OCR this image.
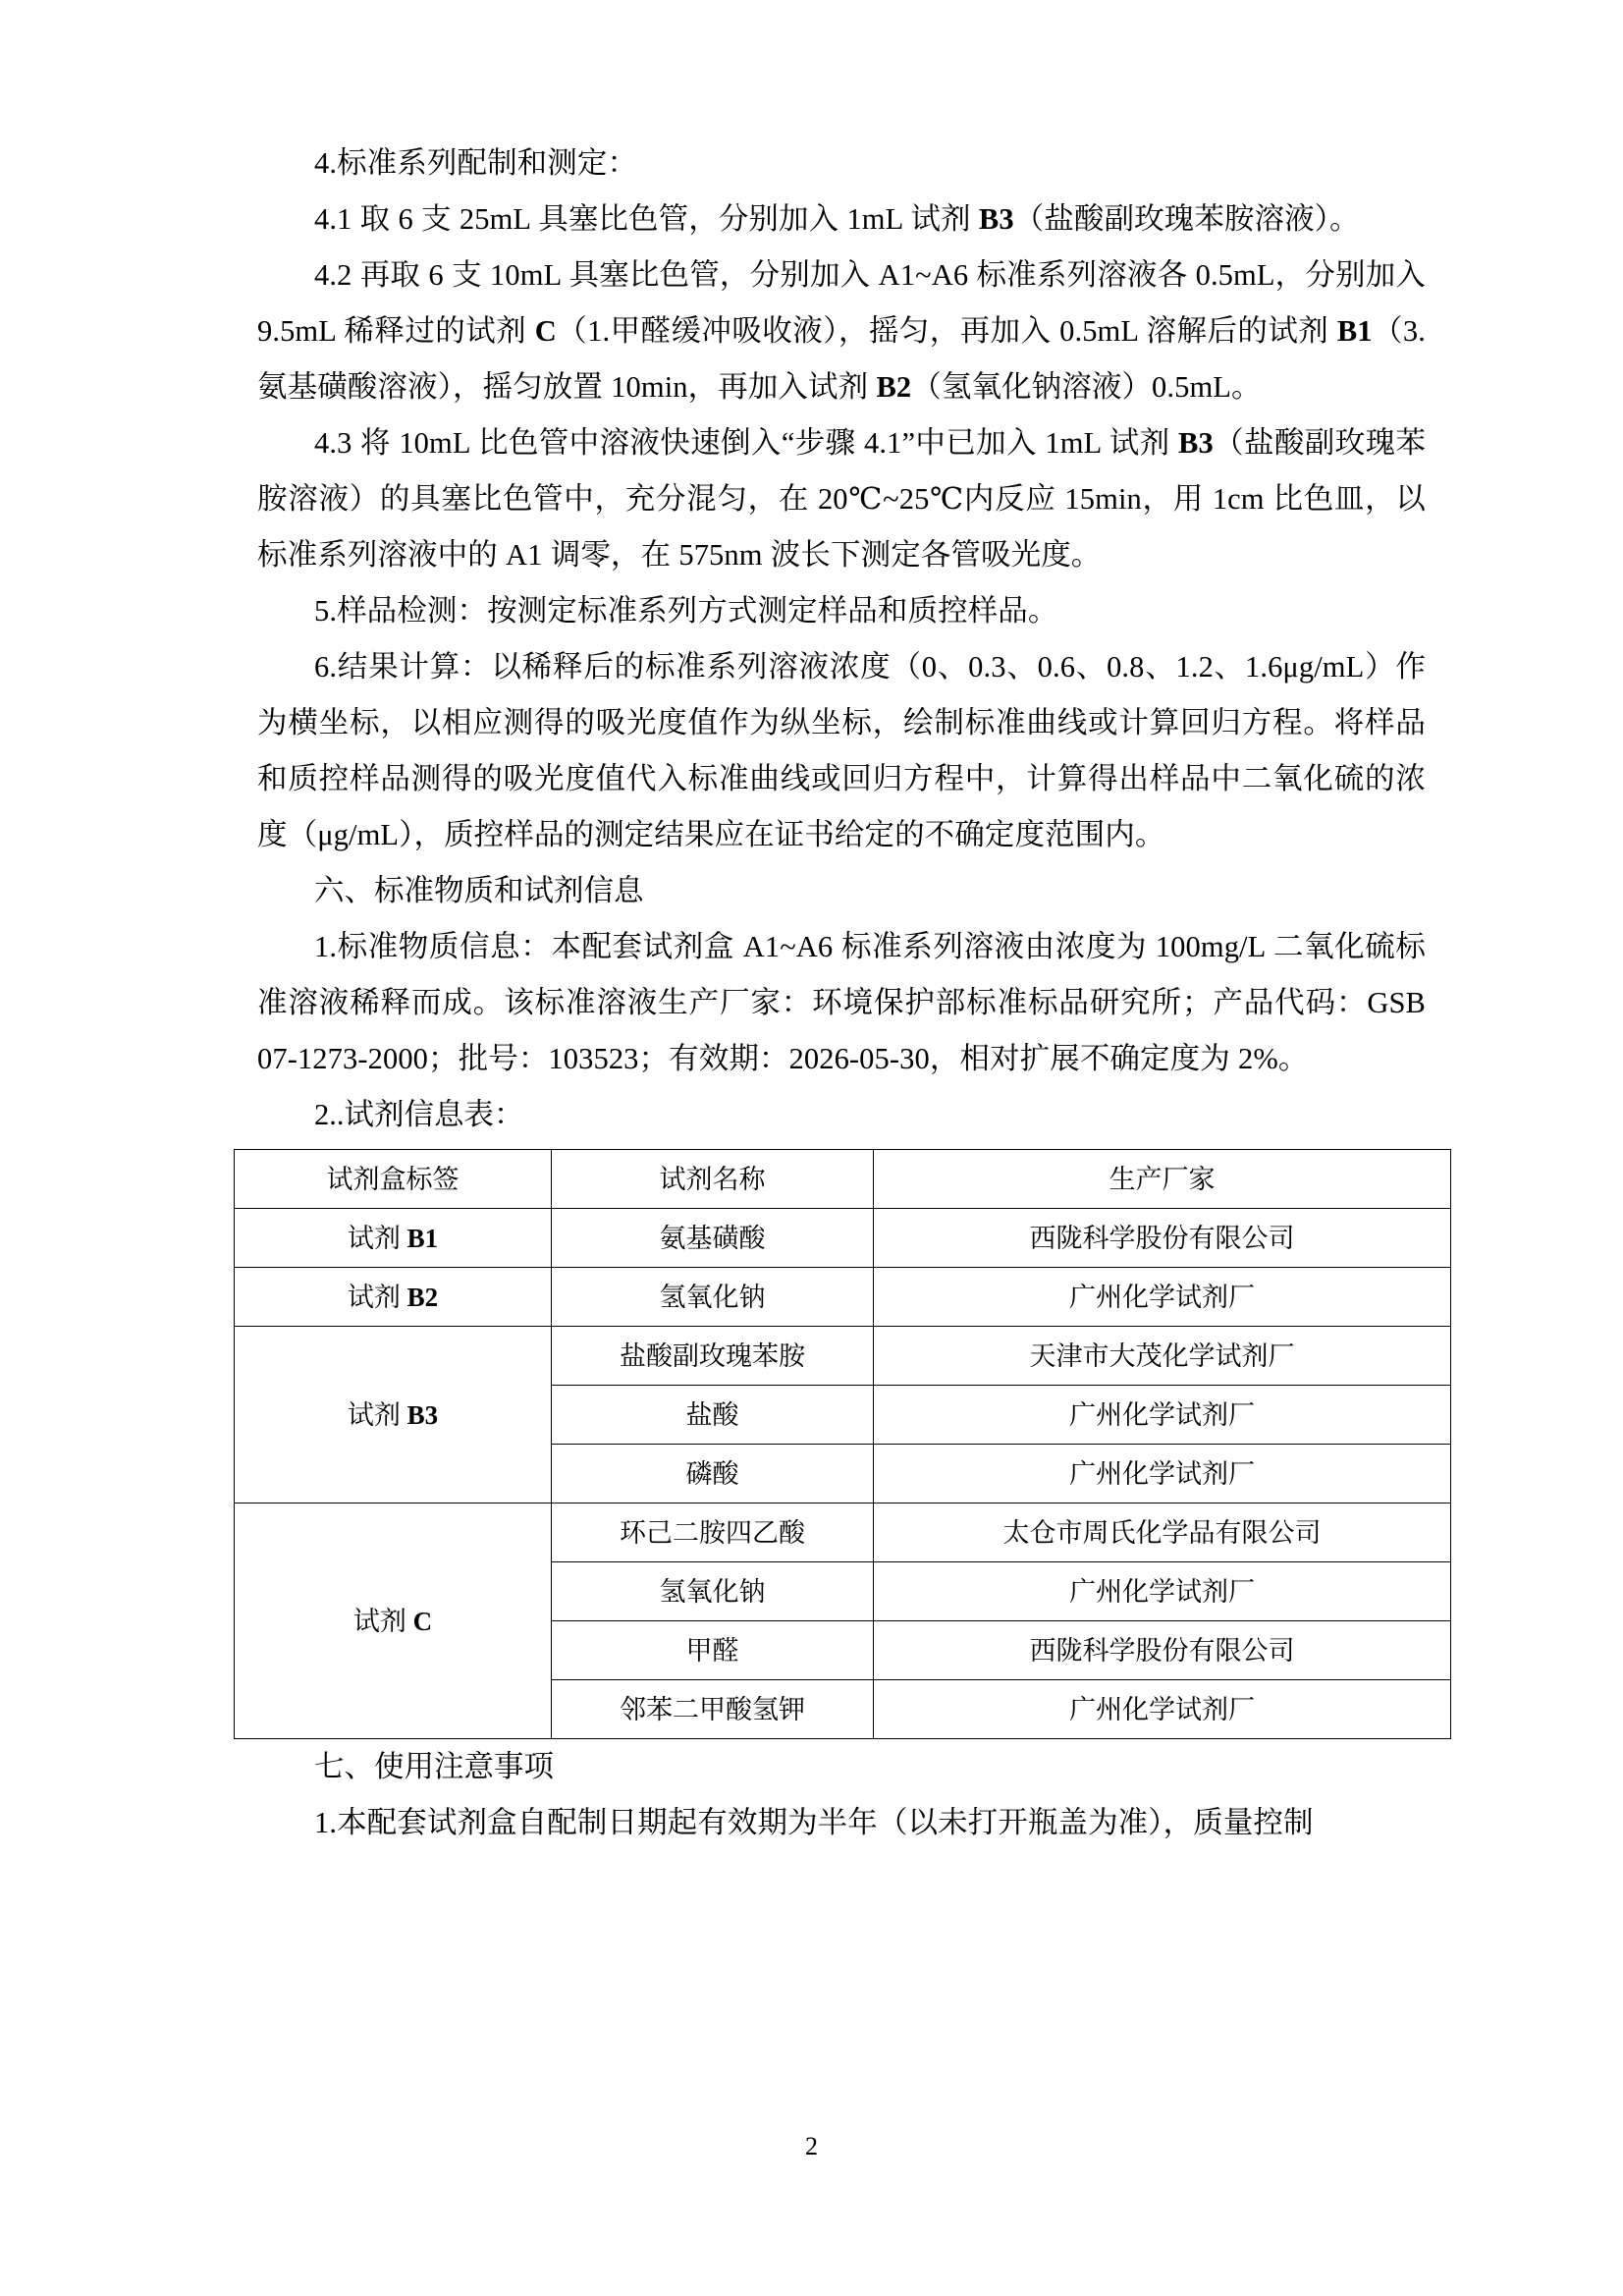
4.标准系列配制和测定：

4.1 取 6 支 25mL 具塞比色管，分别加入 1mL 试剂 B3（盐酸副玫瑰苯胺溶液）。

4.2 再取 6 支 10mL 具塞比色管，分别加入 A1~A6 标准系列溶液各 0.5mL，分别加入 9.5mL 稀释过的试剂 C（1.甲醛缓冲吸收液），摇匀，再加入 0.5mL 溶解后的试剂 B1（3.氨基磺酸溶液），摇匀放置 10min，再加入试剂 B2（氢氧化钠溶液）0.5mL。

4.3 将 10mL 比色管中溶液快速倒入“步骤 4.1”中已加入 1mL 试剂 B3（盐酸副玫瑰苯胺溶液）的具塞比色管中，充分混匀，在 20℃~25℃内反应 15min，用 1cm 比色皿，以标准系列溶液中的 A1 调零，在 575nm 波长下测定各管吸光度。

5.样品检测：按测定标准系列方式测定样品和质控样品。

6.结果计算：以稀释后的标准系列溶液浓度（0、0.3、0.6、0.8、1.2、1.6μg/mL）作为横坐标，以相应测得的吸光度值作为纵坐标，绘制标准曲线或计算回归方程。将样品和质控样品测得的吸光度值代入标准曲线或回归方程中，计算得出样品中二氧化硫的浓度（μg/mL），质控样品的测定结果应在证书给定的不确定度范围内。

六、标准物质和试剂信息

1.标准物质信息：本配套试剂盒 A1~A6 标准系列溶液由浓度为 100mg/L 二氧化硫标准溶液稀释而成。该标准溶液生产厂家：环境保护部标准标品研究所；产品代码：GSB 07-1273-2000；批号：103523；有效期：2026-05-30，相对扩展不确定度为 2%。

2..试剂信息表：

试剂盒标签	试剂名称	生产厂家
试剂 B1	氨基磺酸	西陇科学股份有限公司
试剂 B2	氢氧化钠	广州化学试剂厂
试剂 B3	盐酸副玫瑰苯胺	天津市大茂化学试剂厂
	盐酸	广州化学试剂厂
	磷酸	广州化学试剂厂
试剂 C	环己二胺四乙酸	太仓市周氏化学品有限公司
	氢氧化钠	广州化学试剂厂
	甲醛	西陇科学股份有限公司
	邻苯二甲酸氢钾	广州化学试剂厂

七、使用注意事项

1.本配套试剂盒自配制日期起有效期为半年（以未打开瓶盖为准），质量控制

2
